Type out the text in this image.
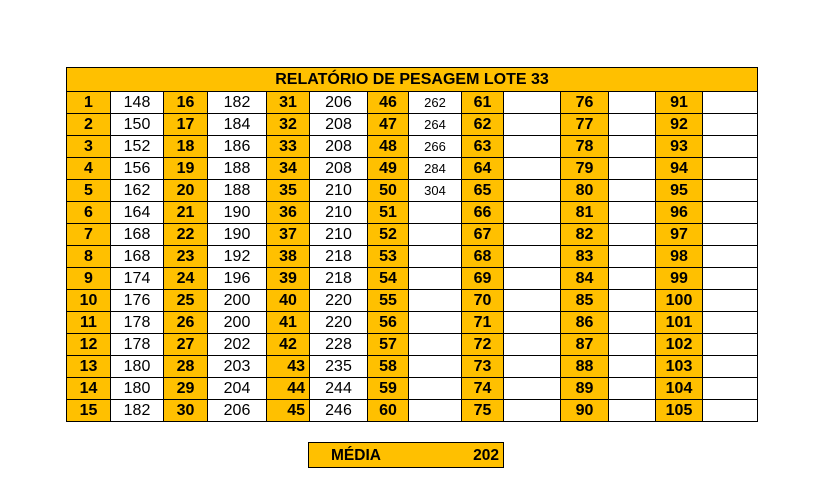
RELATÓRIO DE PESAGEM LOTE 33													
1	148	16	182	31	206	46	262	61		76		91	
2	150	17	184	32	208	47	264	62		77		92	
3	152	18	186	33	208	48	266	63		78		93	
4	156	19	188	34	208	49	284	64		79		94	
5	162	20	188	35	210	50	304	65		80		95	
6	164	21	190	36	210	51		66		81		96	
7	168	22	190	37	210	52		67		82		97	
8	168	23	192	38	218	53		68		83		98	
9	174	24	196	39	218	54		69		84		99	
10	176	25	200	40	220	55		70		85		100	
11	178	26	200	41	220	56		71		86		101	
12	178	27	202	42	228	57		72		87		102	
13	180	28	203	43	235	58		73		88		103	
14	180	29	204	44	244	59		74		89		104	
15	182	30	206	45	246	60		75		90		105	
MÉDIA	202
